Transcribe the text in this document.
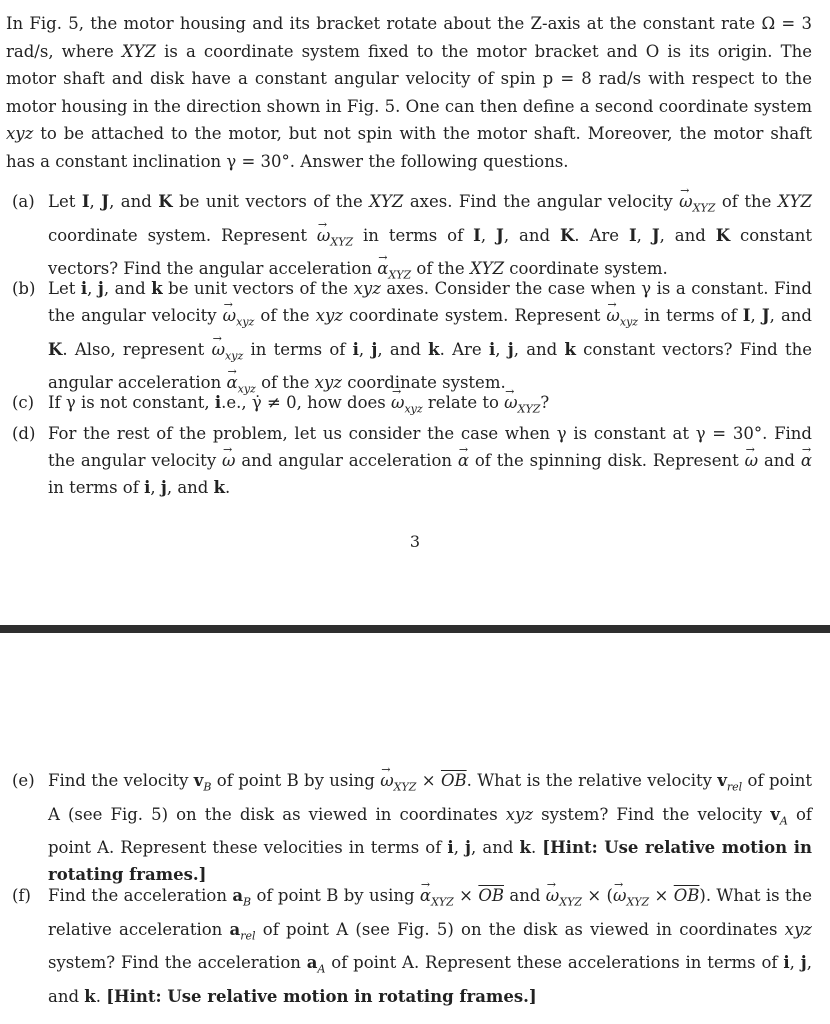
In Fig. 5, the motor housing and its bracket rotate about the Z-axis at the constant rate Ω = 3 rad/s, where XYZ is a coordinate system fixed to the motor bracket and O is its origin. The motor shaft and disk have a constant angular velocity of spin p = 8 rad/s with respect to the motor housing in the direction shown in Fig. 5. One can then define a second coordinate system xyz to be attached to the motor, but not spin with the motor shaft. Moreover, the motor shaft has a constant inclination γ = 30°. Answer the following questions.
(a) Let I, J, and K be unit vectors of the XYZ axes. Find the angular velocity → $\omega_{XYZ}$ of the XYZ coordinate system. Represent → $\omega_{XYZ}$ in terms of I, J, and K. Are I, J, and K constant vectors? Find the angular acceleration → $\alpha_{XYZ}$ of the XYZ coordinate system.
(b) Let i, j, and k be unit vectors of the xyz axes. Consider the case when γ is a constant. Find the angular velocity → $\omega_{xyz}$ of the xyz coordinate system. Represent → $\omega_{xyz}$ in terms of I, J, and K. Also, represent → $\omega_{xyz}$ in terms of i, j, and k. Are i, j, and k constant vectors? Find the angular acceleration → $\alpha_{xyz}$ of the xyz coordinate system.
(c) If γ is not constant, i.e., γ̇ ≠ 0, how does → $\omega_{xyz}$ relate to → $\omega_{XYZ}$?
(d) For the rest of the problem, let us consider the case when γ is constant at γ = 30°. Find the angular velocity → ω and angular acceleration → α of the spinning disk. Represent → ω and → α in terms of i, j, and k.
3
(e) Find the velocity $v_B$ of point B by $using \to \omega_{XYZ} \times \overline{OB}$. What is the relative velocity $v_{rel}$ of point A (see Fig. 5) on the disk as viewed in coordinates xyz system? Find the velocity $v_A$ of point A. Represent these velocities in terms of i, j, and k. [Hint: Use relative motion in rotating frames.]
(f)	Find the acceleration $a_B$ of point B by $using \to \alpha_{XYZ} \times \overline{OB}$ and → $\omega_{XYZ}$ × (→ $\omega_{XYZ} \times \overline{OB}$). What is the relative acceleration $a_{rel}$ of point A (see Fig. 5) on the disk as viewed in coordinates xyz system? Find the acceleration $a_A$ of point A. Represent these accelerations in terms of i, j, and k. [Hint: Use relative motion in rotating frames.]
